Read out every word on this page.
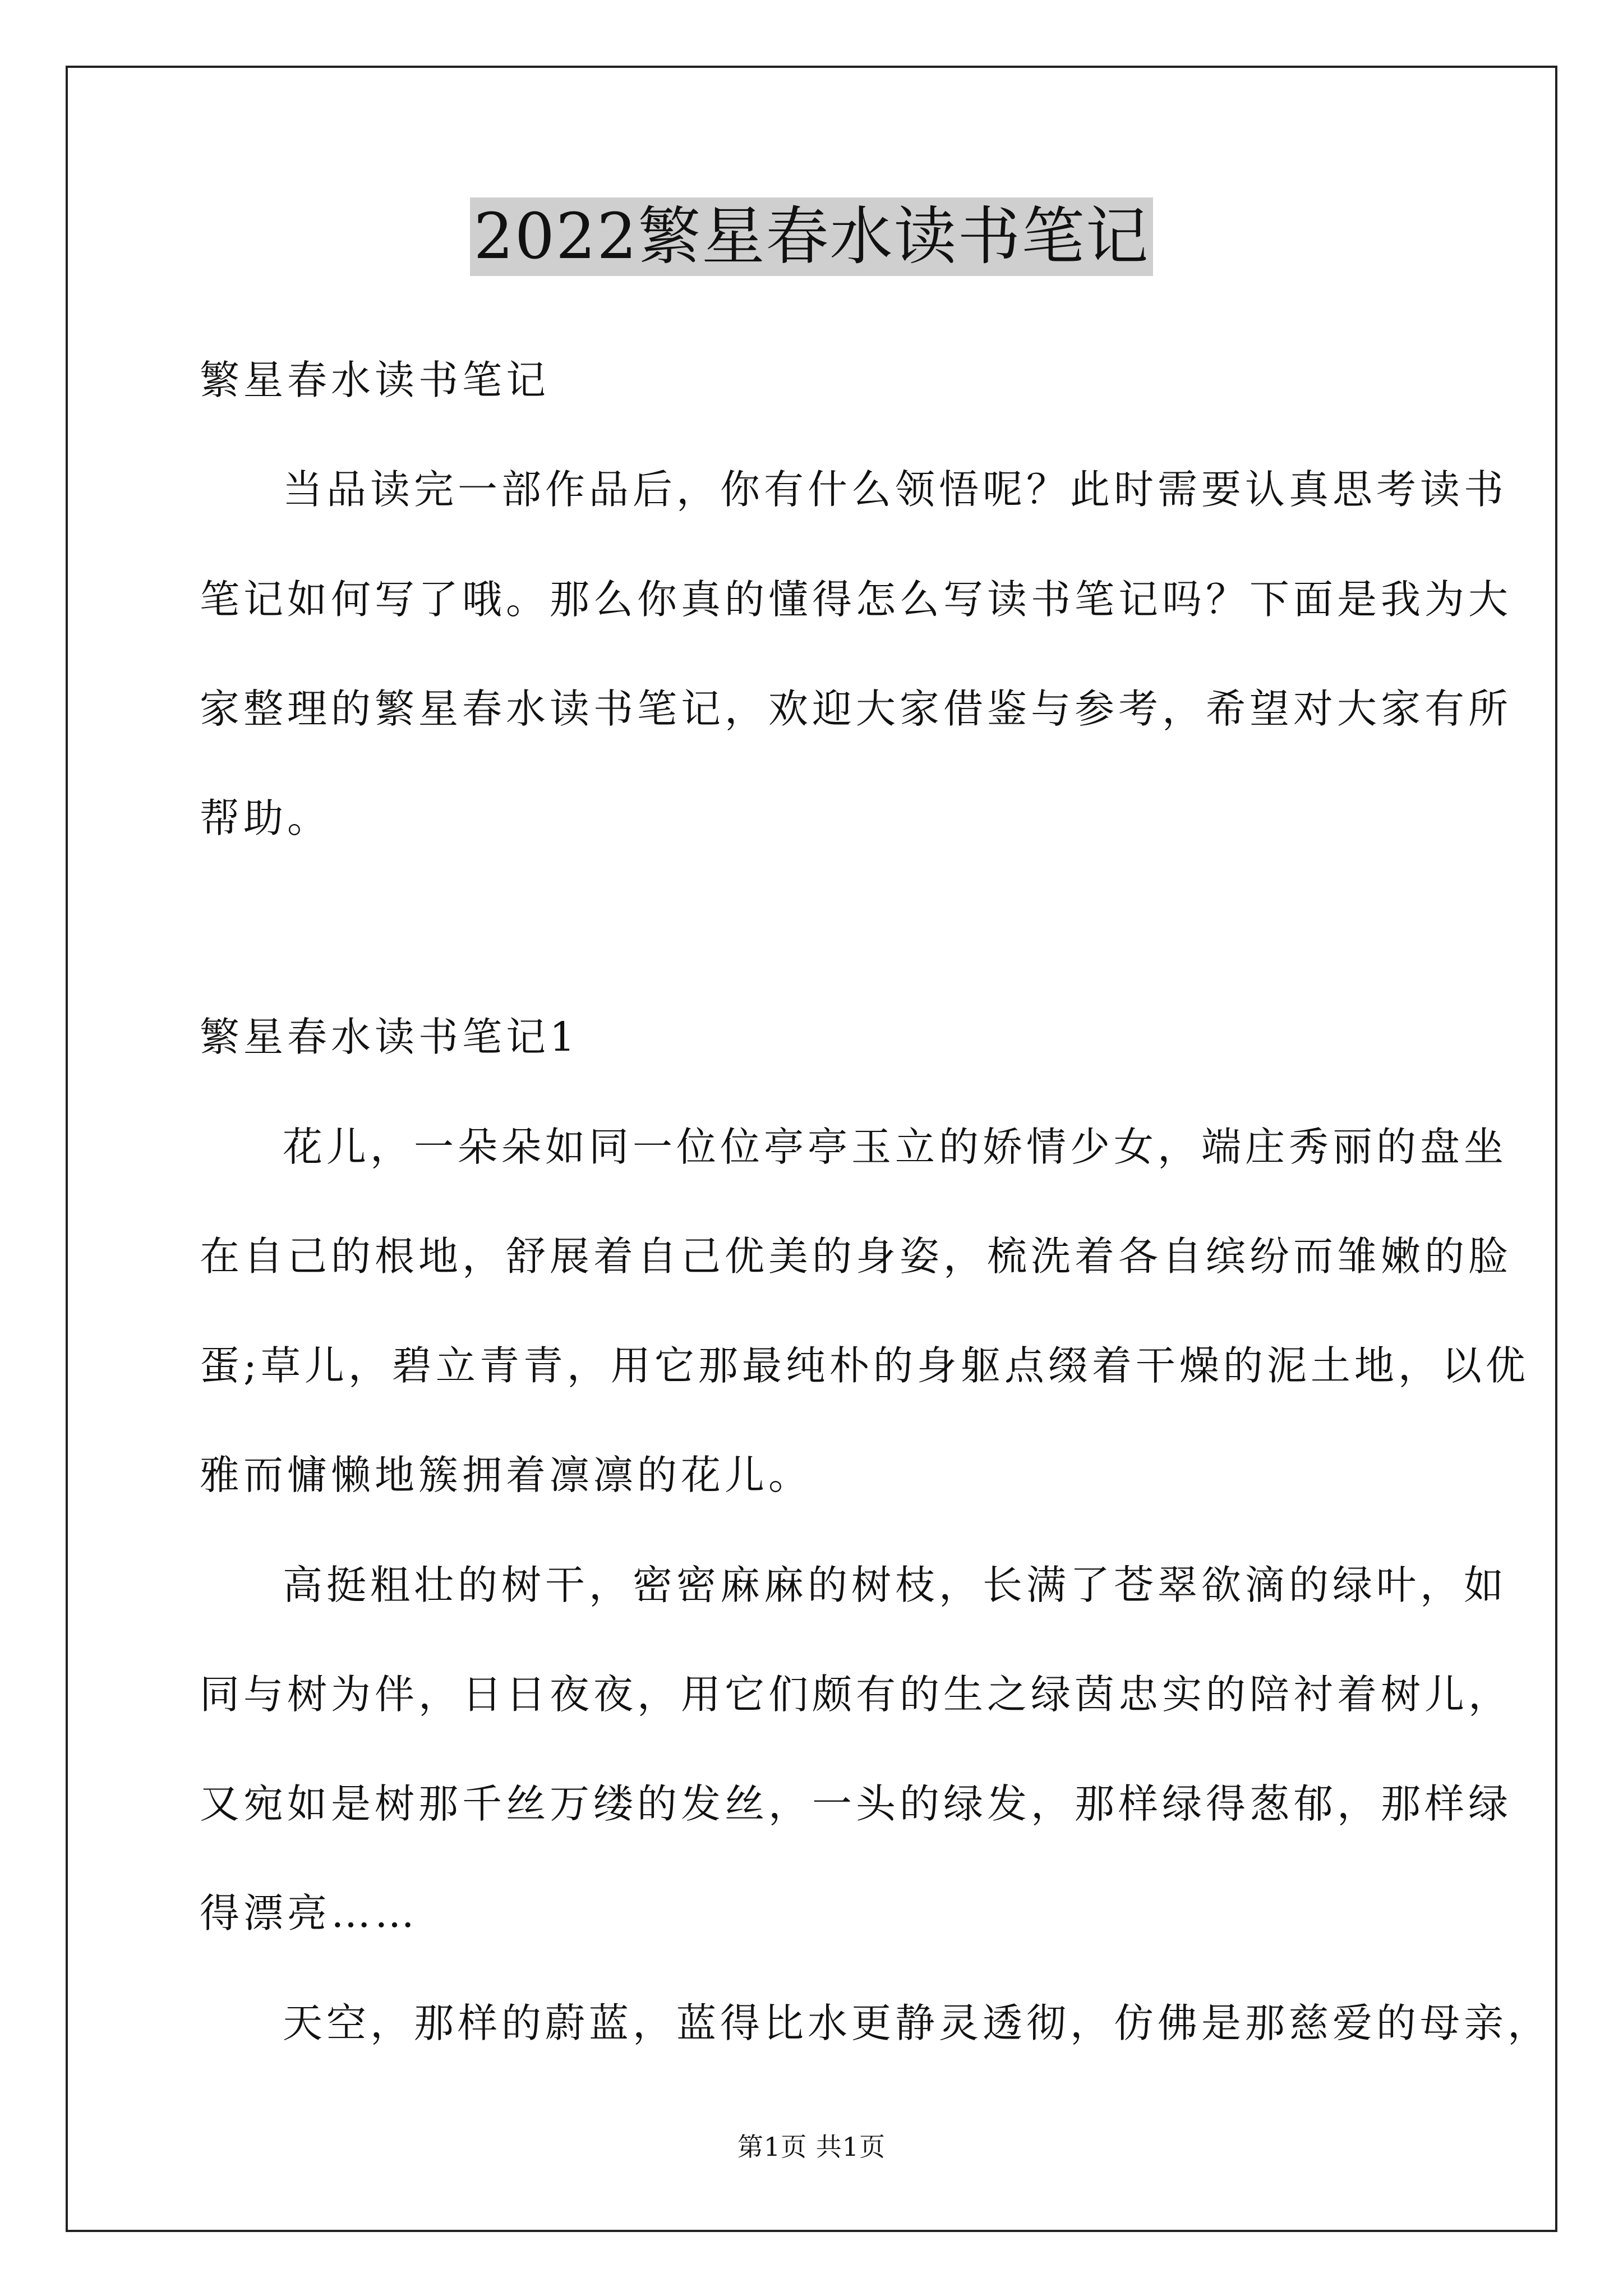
2022繁星春水读书笔记
繁星春水读书笔记
当品读完一部作品后，你有什么领悟呢？此时需要认真思考读书
笔记如何写了哦。那么你真的懂得怎么写读书笔记吗？下面是我为大
家整理的繁星春水读书笔记，欢迎大家借鉴与参考，希望对大家有所
帮助。
繁星春水读书笔记1
花儿，一朵朵如同一位位亭亭玉立的娇情少女，端庄秀丽的盘坐
在自己的根地，舒展着自己优美的身姿，梳洗着各自缤纷而雏嫩的脸
蛋;草儿，碧立青青，用它那最纯朴的身躯点缀着干燥的泥土地，以优
雅而慵懒地簇拥着凛凛的花儿。
高挺粗壮的树干，密密麻麻的树枝，长满了苍翠欲滴的绿叶，如
同与树为伴，日日夜夜，用它们颇有的生之绿茵忠实的陪衬着树儿，
又宛如是树那千丝万缕的发丝，一头的绿发，那样绿得葱郁，那样绿
得漂亮……
天空，那样的蔚蓝，蓝得比水更静灵透彻，仿佛是那慈爱的母亲，
第1页 共1页
